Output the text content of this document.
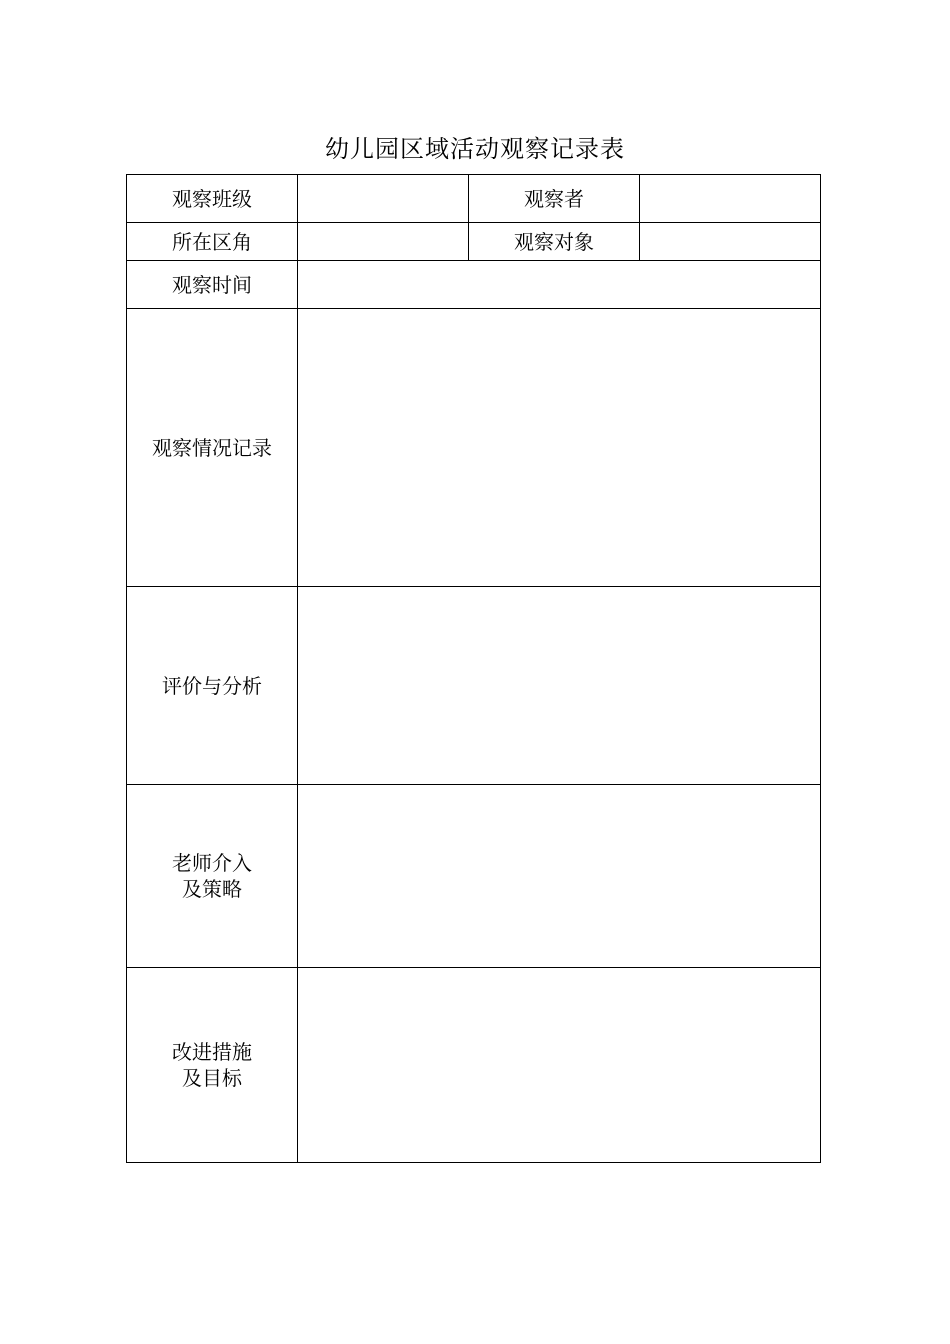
幼儿园区域活动观察记录表
观察班级		观察者	
所在区角		观察对象	
观察时间			
观察情况记录			
评价与分析			

老师介入
及策略			

改进措施
及目标			
